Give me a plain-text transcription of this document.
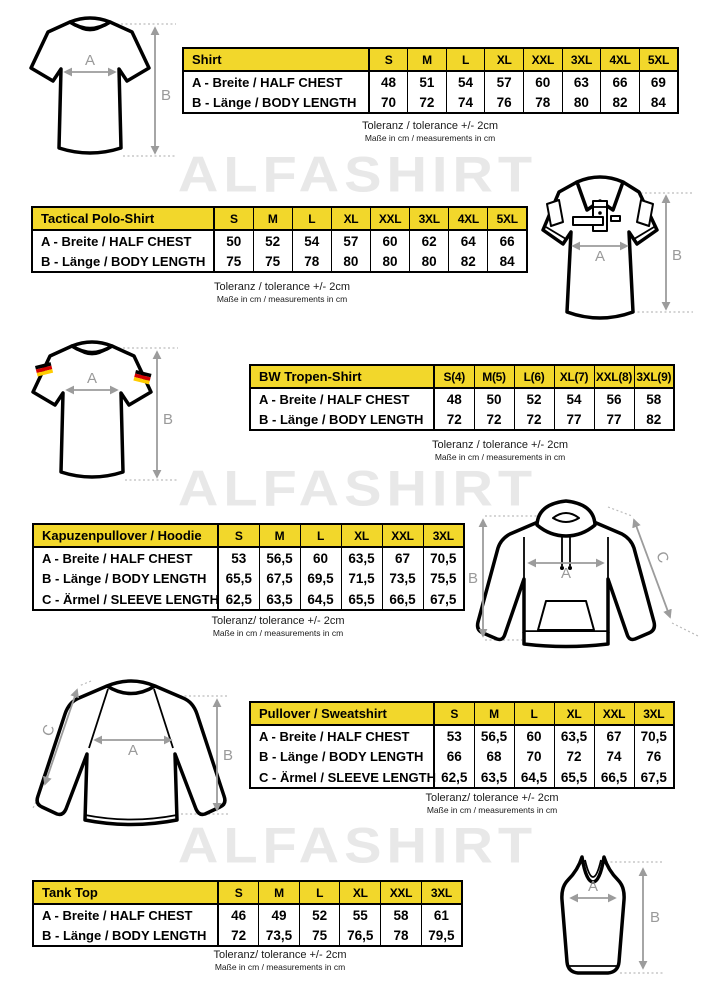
ALFASHIRT
ALFASHIRT
ALFASHIRT
A
B
A	B
A
B
B	A
C
A	B
C
A
B
Shirt	S	M	L	XL	XXL	3XL	4XL	5XL
A - Breite / HALF CHEST	48	51	54	57	60	63	66	69
B - Länge / BODY LENGTH	70	72	74	76	78	80	82	84
Tactical Polo-Shirt	S	M	L	XL	XXL	3XL	4XL	5XL
A - Breite / HALF CHEST	50	52	54	57	60	62	64	66
B - Länge / BODY LENGTH	75	75	78	80	80	80	82	84
BW Tropen-Shirt	S(4)	M(5)	L(6)	XL(7)	XXL(8)	3XL(9)
A - Breite / HALF CHEST	48	50	52	54	56	58
B - Länge / BODY LENGTH	72	72	72	77	77	82
Kapuzenpullover / Hoodie	S	M	L	XL	XXL	3XL
A - Breite / HALF CHEST	53	56,5	60	63,5	67	70,5
B - Länge / BODY LENGTH	65,5	67,5	69,5	71,5	73,5	75,5
C - Ärmel / SLEEVE LENGTH	62,5	63,5	64,5	65,5	66,5	67,5
Pullover / Sweatshirt	S	M	L	XL	XXL	3XL
A - Breite / HALF CHEST	53	56,5	60	63,5	67	70,5
B - Länge / BODY LENGTH	66	68	70	72	74	76
C - Ärmel / SLEEVE LENGTH	62,5	63,5	64,5	65,5	66,5	67,5
Tank Top	S	M	L	XL	XXL	3XL
A - Breite / HALF CHEST	46	49	52	55	58	61
B - Länge / BODY LENGTH	72	73,5	75	76,5	78	79,5
Toleranz / tolerance +/- 2cm
Maße in cm / measurements in cm
Toleranz / tolerance +/- 2cm
Maße in cm / measurements in cm
Toleranz / tolerance +/- 2cm
Maße in cm / measurements in cm
Toleranz/ tolerance +/- 2cm
Maße in cm / measurements in cm
Toleranz/ tolerance +/- 2cm
Maße in cm / measurements in cm
Toleranz/ tolerance +/- 2cm
Maße in cm / measurements in cm
